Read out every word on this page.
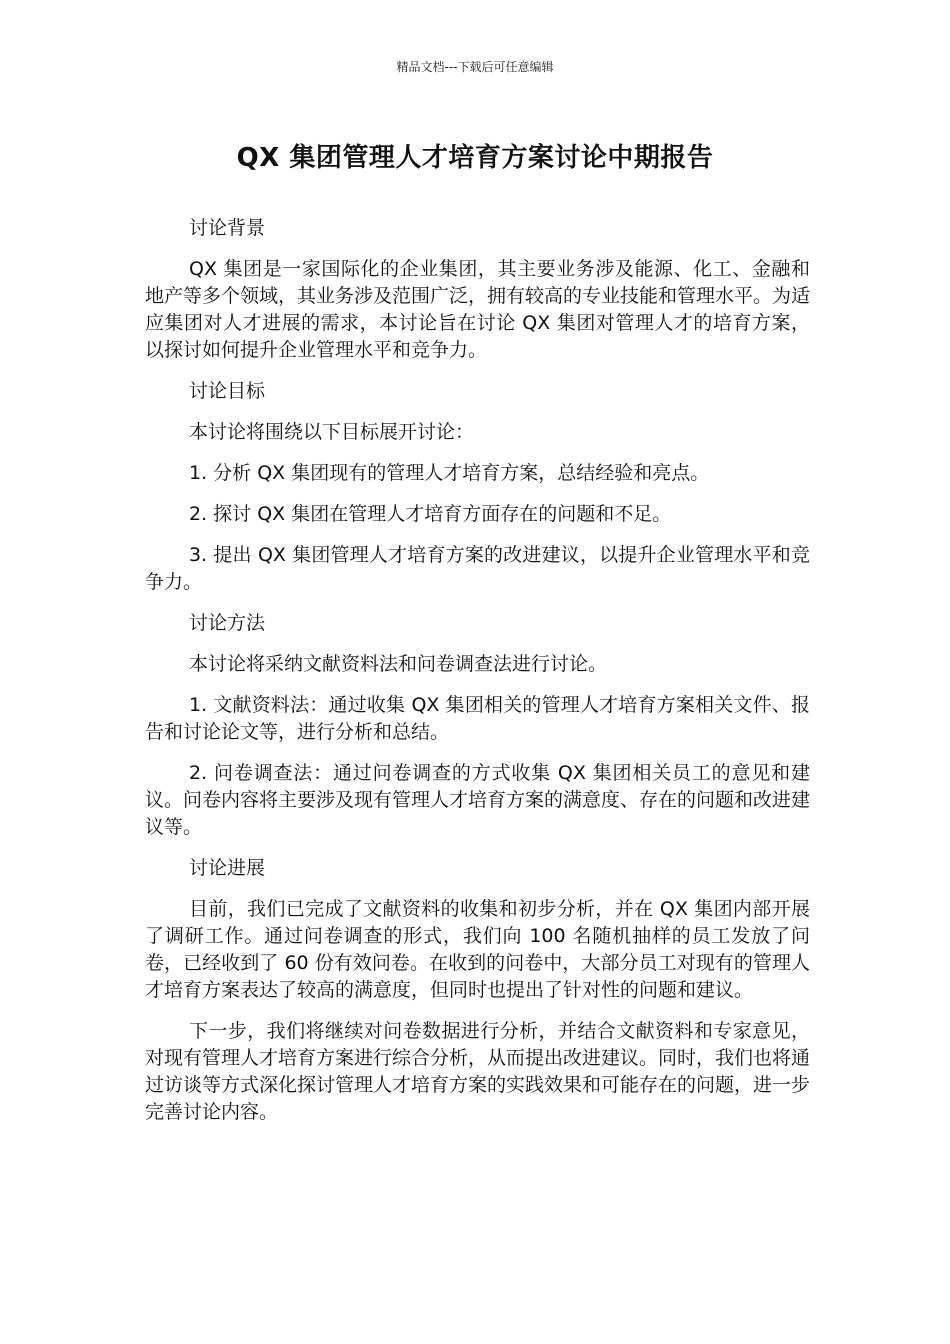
精品文档---下载后可任意编辑
QX 集团管理人才培育方案讨论中期报告

讨论背景

QX 集团是一家国际化的企业集团，其主要业务涉及能源、化工、金融和地产等多个领域，其业务涉及范围广泛，拥有较高的专业技能和管理水平。为适应集团对人才进展的需求，本讨论旨在讨论 QX 集团对管理人才的培育方案，以探讨如何提升企业管理水平和竞争力。

讨论目标

本讨论将围绕以下目标展开讨论：

1. 分析 QX 集团现有的管理人才培育方案，总结经验和亮点。

2. 探讨 QX 集团在管理人才培育方面存在的问题和不足。

3. 提出 QX 集团管理人才培育方案的改进建议，以提升企业管理水平和竞争力。

讨论方法

本讨论将采纳文献资料法和问卷调查法进行讨论。

1. 文献资料法：通过收集 QX 集团相关的管理人才培育方案相关文件、报告和讨论论文等，进行分析和总结。

2. 问卷调查法：通过问卷调查的方式收集 QX 集团相关员工的意见和建议。问卷内容将主要涉及现有管理人才培育方案的满意度、存在的问题和改进建议等。

讨论进展

目前，我们已完成了文献资料的收集和初步分析，并在 QX 集团内部开展了调研工作。通过问卷调查的形式，我们向 100 名随机抽样的员工发放了问卷，已经收到了 60 份有效问卷。在收到的问卷中，大部分员工对现有的管理人才培育方案表达了较高的满意度，但同时也提出了针对性的问题和建议。

下一步，我们将继续对问卷数据进行分析，并结合文献资料和专家意见，对现有管理人才培育方案进行综合分析，从而提出改进建议。同时，我们也将通过访谈等方式深化探讨管理人才培育方案的实践效果和可能存在的问题，进一步完善讨论内容。
